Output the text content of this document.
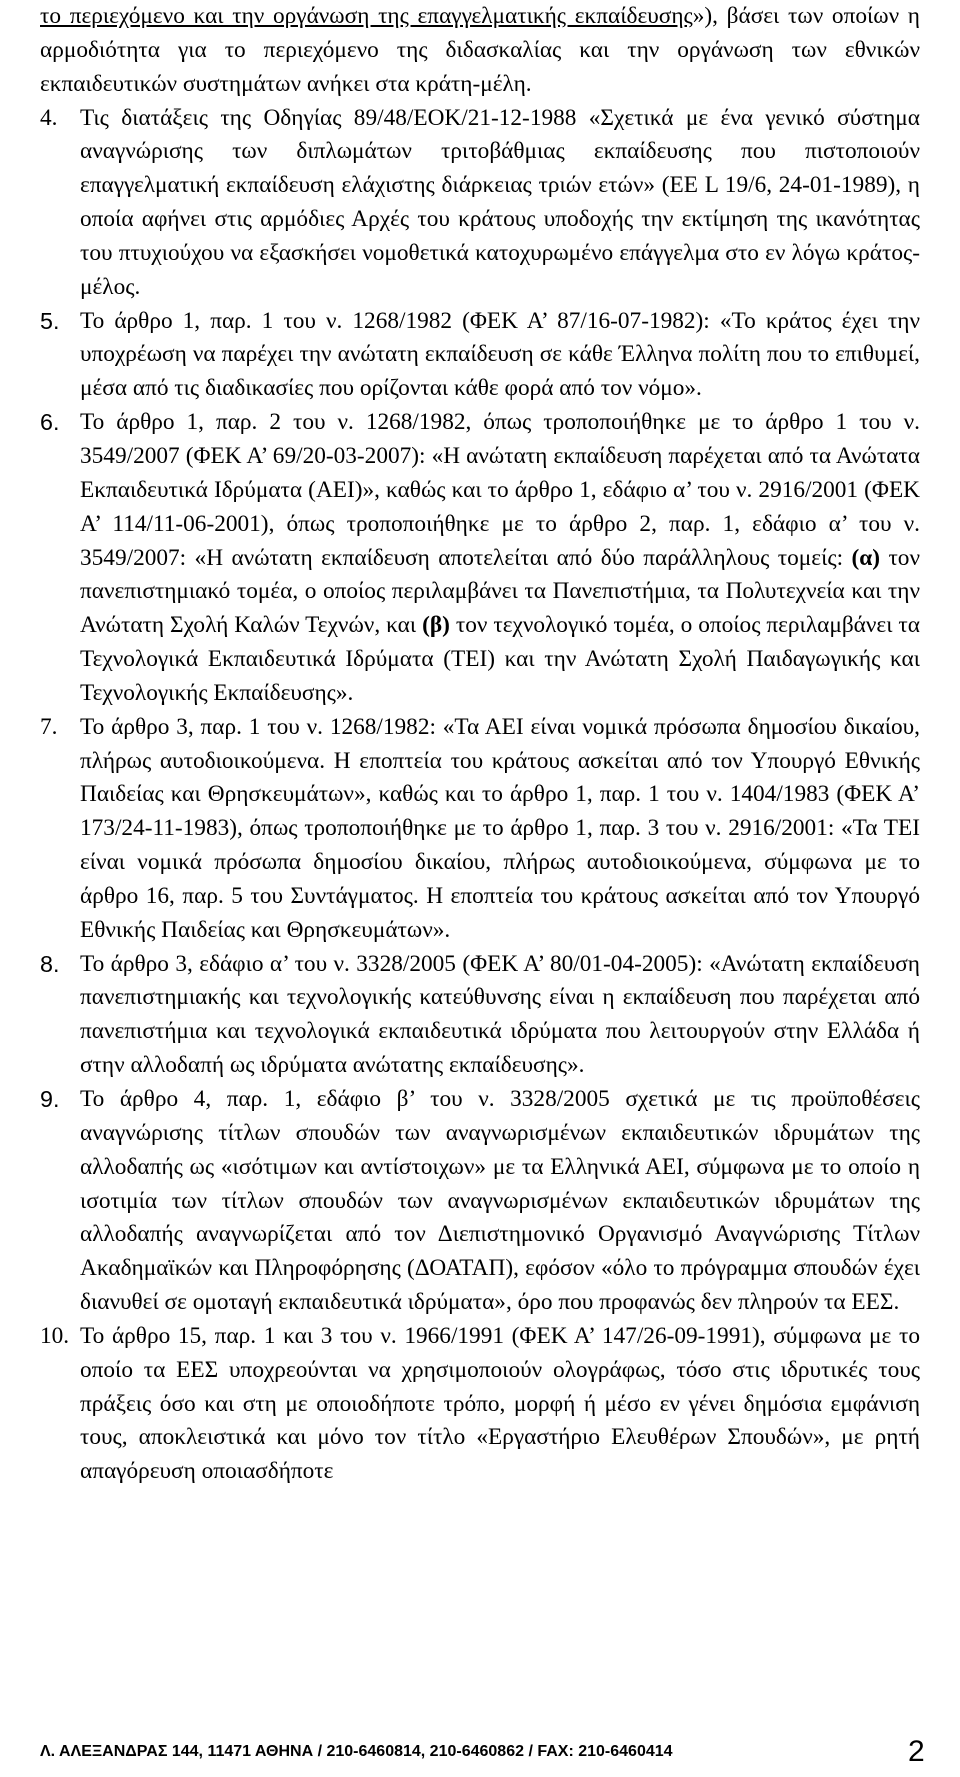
το περιεχόμενο και την οργάνωση της επαγγελματικής εκπαίδευσης»), βάσει των οποίων η αρμοδιότητα για το περιεχόμενο της διδασκαλίας και την οργάνωση των εθνικών εκπαιδευτικών συστημάτων ανήκει στα κράτη-μέλη.

4. Τις διατάξεις της Οδηγίας 89/48/ΕΟΚ/21-12-1988 «Σχετικά με ένα γενικό σύστημα αναγνώρισης των διπλωμάτων τριτοβάθμιας εκπαίδευσης που πιστοποιούν επαγγελματική εκπαίδευση ελάχιστης διάρκειας τριών ετών» (ΕΕ L 19/6, 24-01-1989), η οποία αφήνει στις αρμόδιες Αρχές του κράτους υποδοχής την εκτίμηση της ικανότητας του πτυχιούχου να εξασκήσει νομοθετικά κατοχυρωμένο επάγγελμα στο εν λόγω κράτος-μέλος.

5. Το άρθρο 1, παρ. 1 του ν. 1268/1982 (ΦΕΚ Α’ 87/16-07-1982): «Το κράτος έχει την υποχρέωση να παρέχει την ανώτατη εκπαίδευση σε κάθε Έλληνα πολίτη που το επιθυμεί, μέσα από τις διαδικασίες που ορίζονται κάθε φορά από τον νόμο».

6. Το άρθρο 1, παρ. 2 του ν. 1268/1982, όπως τροποποιήθηκε με το άρθρο 1 του ν. 3549/2007 (ΦΕΚ Α’ 69/20-03-2007): «Η ανώτατη εκπαίδευση παρέχεται από τα Ανώτατα Εκπαιδευτικά Ιδρύματα (ΑΕΙ)», καθώς και το άρθρο 1, εδάφιο α’ του ν. 2916/2001 (ΦΕΚ Α’ 114/11-06-2001), όπως τροποποιήθηκε με το άρθρο 2, παρ. 1, εδάφιο α’ του ν. 3549/2007: «Η ανώτατη εκπαίδευση αποτελείται από δύο παράλληλους τομείς: (α) τον πανεπιστημιακό τομέα, ο οποίος περιλαμβάνει τα Πανεπιστήμια, τα Πολυτεχνεία και την Ανώτατη Σχολή Καλών Τεχνών, και (β) τον τεχνολογικό τομέα, ο οποίος περιλαμβάνει τα Τεχνολογικά Εκπαιδευτικά Ιδρύματα (ΤΕΙ) και την Ανώτατη Σχολή Παιδαγωγικής και Τεχνολογικής Εκπαίδευσης».

7. Το άρθρο 3, παρ. 1 του ν. 1268/1982: «Τα ΑΕΙ είναι νομικά πρόσωπα δημοσίου δικαίου, πλήρως αυτοδιοικούμενα. Η εποπτεία του κράτους ασκείται από τον Υπουργό Εθνικής Παιδείας και Θρησκευμάτων», καθώς και το άρθρο 1, παρ. 1 του ν. 1404/1983 (ΦΕΚ Α’ 173/24-11-1983), όπως τροποποιήθηκε με το άρθρο 1, παρ. 3 του ν. 2916/2001: «Τα ΤΕΙ είναι νομικά πρόσωπα δημοσίου δικαίου, πλήρως αυτοδιοικούμενα, σύμφωνα με το άρθρο 16, παρ. 5 του Συντάγματος. Η εποπτεία του κράτους ασκείται από τον Υπουργό Εθνικής Παιδείας και Θρησκευμάτων».

8. Το άρθρο 3, εδάφιο α’ του ν. 3328/2005 (ΦΕΚ Α’ 80/01-04-2005): «Ανώτατη εκπαίδευση πανεπιστημιακής και τεχνολογικής κατεύθυνσης είναι η εκπαίδευση που παρέχεται από πανεπιστήμια και τεχνολογικά εκπαιδευτικά ιδρύματα που λειτουργούν στην Ελλάδα ή στην αλλοδαπή ως ιδρύματα ανώτατης εκπαίδευσης».

9. Το άρθρο 4, παρ. 1, εδάφιο β’ του ν. 3328/2005 σχετικά με τις προϋποθέσεις αναγνώρισης τίτλων σπουδών των αναγνωρισμένων εκπαιδευτικών ιδρυμάτων της αλλοδαπής ως «ισότιμων και αντίστοιχων» με τα Ελληνικά ΑΕΙ, σύμφωνα με το οποίο η ισοτιμία των τίτλων σπουδών των αναγνωρισμένων εκπαιδευτικών ιδρυμάτων της αλλοδαπής αναγνωρίζεται από τον Διεπιστημονικό Οργανισμό Αναγνώρισης Τίτλων Ακαδημαϊκών και Πληροφόρησης (ΔΟΑΤΑΠ), εφόσον «όλο το πρόγραμμα σπουδών έχει διανυθεί σε ομοταγή εκπαιδευτικά ιδρύματα», όρο που προφανώς δεν πληρούν τα ΕΕΣ.

10. Το άρθρο 15, παρ. 1 και 3 του ν. 1966/1991 (ΦΕΚ Α’ 147/26-09-1991), σύμφωνα με το οποίο τα ΕΕΣ υποχρεούνται να χρησιμοποιούν ολογράφως, τόσο στις ιδρυτικές τους πράξεις όσο και στη με οποιοδήποτε τρόπο, μορφή ή μέσο εν γένει δημόσια εμφάνιση τους, αποκλειστικά και μόνο τον τίτλο «Εργαστήριο Ελευθέρων Σπουδών», με ρητή απαγόρευση οποιασδήποτε

Λ. ΑΛΕΞΑΝΔΡΑΣ 144, 11471 ΑΘΗΝΑ / 210-6460814, 210-6460862 / FAX: 210-6460414	2
